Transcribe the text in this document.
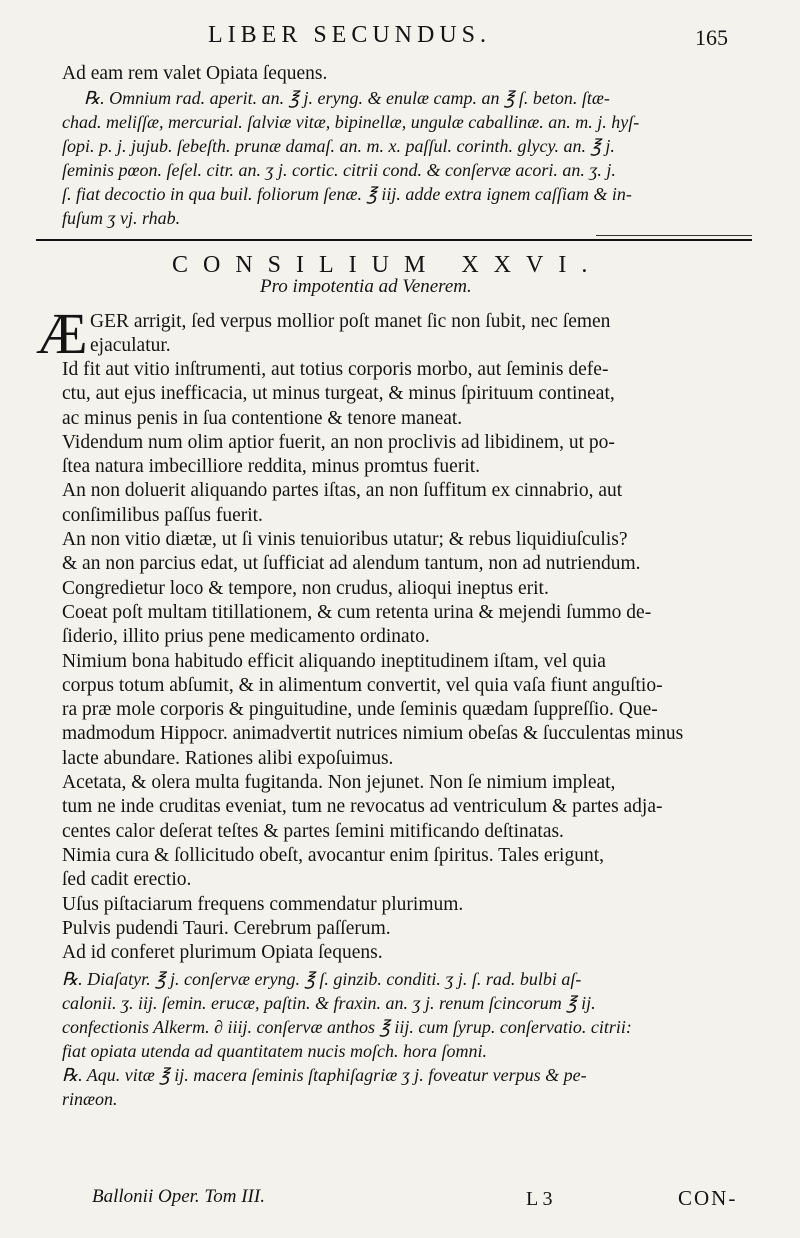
LIBER SECUNDUS.	165
Ad eam rem valet Opiata ſequens.
℞. Omnium rad. aperit. an. ℥ j. eryng. & enulæ camp. an ℥ ſ. beton. ſtæ-
chad. meliſſæ, mercurial. ſalviæ vitæ, bipinellæ, ungulæ caballinæ. an. m. j. hyſ-
ſopi. p. j. jujub. ſebeſth. prunæ damaſ. an. m. x. paſſul. corinth. glycy. an. ℥ j.
ſeminis pœon. ſeſel. citr. an. ʒ j. cortic. citrii cond. & conſervæ acori. an. ʒ. j.
ſ. fiat decoctio in qua buil. foliorum ſenæ. ℥ iij. adde extra ignem caſſiam & in-
fuſum ʒ vj. rhab.
CONSILIUM XXVI.
Pro impotentia ad Venerem.
Æ GER arrigit, ſed verpus mollior poſt manet ſic non ſubit, nec ſemen
ejaculatur.
Id fit aut vitio inſtrumenti, aut totius corporis morbo, aut ſeminis defe-
ctu, aut ejus inefficacia, ut minus turgeat, & minus ſpirituum contineat,
ac minus penis in ſua contentione & tenore maneat.
Videndum num olim aptior fuerit, an non proclivis ad libidinem, ut po-
ſtea natura imbecilliore reddita, minus promtus fuerit.
An non doluerit aliquando partes iſtas, an non ſuffitum ex cinnabrio, aut
conſimilibus paſſus fuerit.
An non vitio diætæ, ut ſi vinis tenuioribus utatur; & rebus liquidiuſculis?
& an non parcius edat, ut ſufficiat ad alendum tantum, non ad nutriendum.
Congredietur loco & tempore, non crudus, alioqui ineptus erit.
Coeat poſt multam titillationem, & cum retenta urina & mejendi ſummo de-
ſiderio, illito prius pene medicamento ordinato.
Nimium bona habitudo efficit aliquando ineptitudinem iſtam, vel quia
corpus totum abſumit, & in alimentum convertit, vel quia vaſa fiunt anguſtio-
ra præ mole corporis & pinguitudine, unde ſeminis quædam ſuppreſſio. Que-
madmodum Hippocr. animadvertit nutrices nimium obeſas & ſucculentas minus
lacte abundare. Rationes alibi expoſuimus.
Acetata, & olera multa fugitanda. Non jejunet. Non ſe nimium impleat,
tum ne inde cruditas eveniat, tum ne revocatus ad ventriculum & partes adja-
centes calor deſerat teſtes & partes ſemini mitificando deſtinatas.
Nimia cura & ſollicitudo obeſt, avocantur enim ſpiritus. Tales erigunt,
ſed cadit erectio.
Uſus piſtaciarum frequens commendatur plurimum.
Pulvis pudendi Tauri. Cerebrum paſſerum.
Ad id conferet plurimum Opiata ſequens.
℞. Diaſatyr. ℥ j. conſervæ eryng. ℥ ſ. ginzib. conditi. ʒ j. ſ. rad. bulbi aſ-
calonii. ʒ. iij. ſemin. erucæ, paſtin. & fraxin. an. ʒ j. renum ſcincorum ℥ ij.
confectionis Alkerm. ∂ iiij. conſervæ anthos ℥ iij. cum ſyrup. conſervatio. citrii:
fiat opiata utenda ad quantitatem nucis moſch. hora ſomni.
℞. Aqu. vitæ ℥ ij. macera ſeminis ſtaphiſagriæ ʒ j. foveatur verpus & pe-
rinæon.
Ballonii Oper. Tom III.	L 3	CON-
